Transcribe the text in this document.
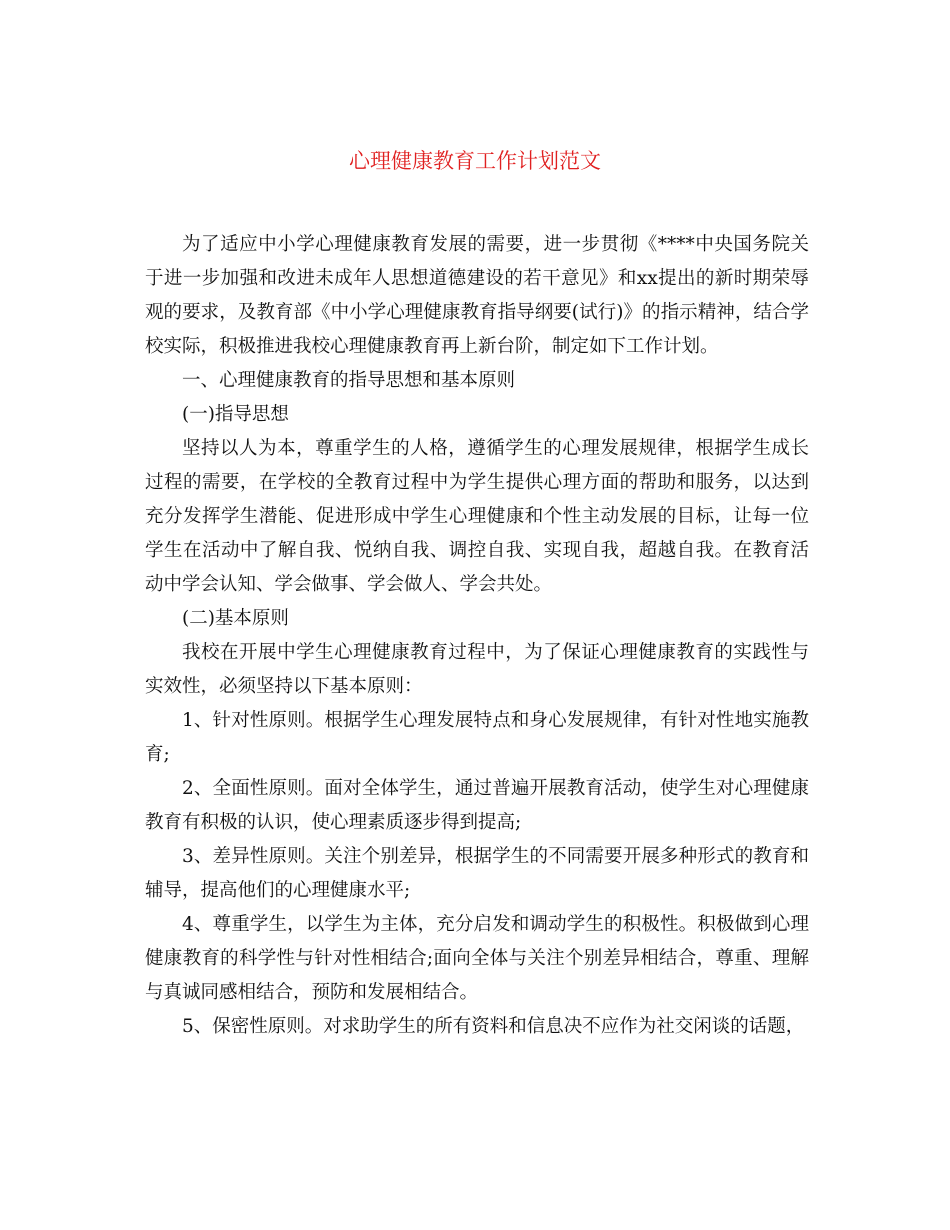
心理健康教育工作计划范文

为了适应中小学心理健康教育发展的需要，进一步贯彻《****中央国务院关于进一步加强和改进未成年人思想道德建设的若干意见》和xx提出的新时期荣辱观的要求，及教育部《中小学心理健康教育指导纲要(试行)》的指示精神，结合学校实际，积极推进我校心理健康教育再上新台阶，制定如下工作计划。

一、心理健康教育的指导思想和基本原则

(一)指导思想

坚持以人为本，尊重学生的人格，遵循学生的心理发展规律，根据学生成长过程的需要，在学校的全教育过程中为学生提供心理方面的帮助和服务，以达到充分发挥学生潜能、促进形成中学生心理健康和个性主动发展的目标，让每一位学生在活动中了解自我、悦纳自我、调控自我、实现自我，超越自我。在教育活动中学会认知、学会做事、学会做人、学会共处。

(二)基本原则

我校在开展中学生心理健康教育过程中，为了保证心理健康教育的实践性与实效性，必须坚持以下基本原则：

1、针对性原则。根据学生心理发展特点和身心发展规律，有针对性地实施教育;

2、全面性原则。面对全体学生，通过普遍开展教育活动，使学生对心理健康教育有积极的认识，使心理素质逐步得到提高;

3、差异性原则。关注个别差异，根据学生的不同需要开展多种形式的教育和辅导，提高他们的心理健康水平;

4、尊重学生，以学生为主体，充分启发和调动学生的积极性。积极做到心理健康教育的科学性与针对性相结合;面向全体与关注个别差异相结合，尊重、理解与真诚同感相结合，预防和发展相结合。

5、保密性原则。对求助学生的所有资料和信息决不应作为社交闲谈的话题，
